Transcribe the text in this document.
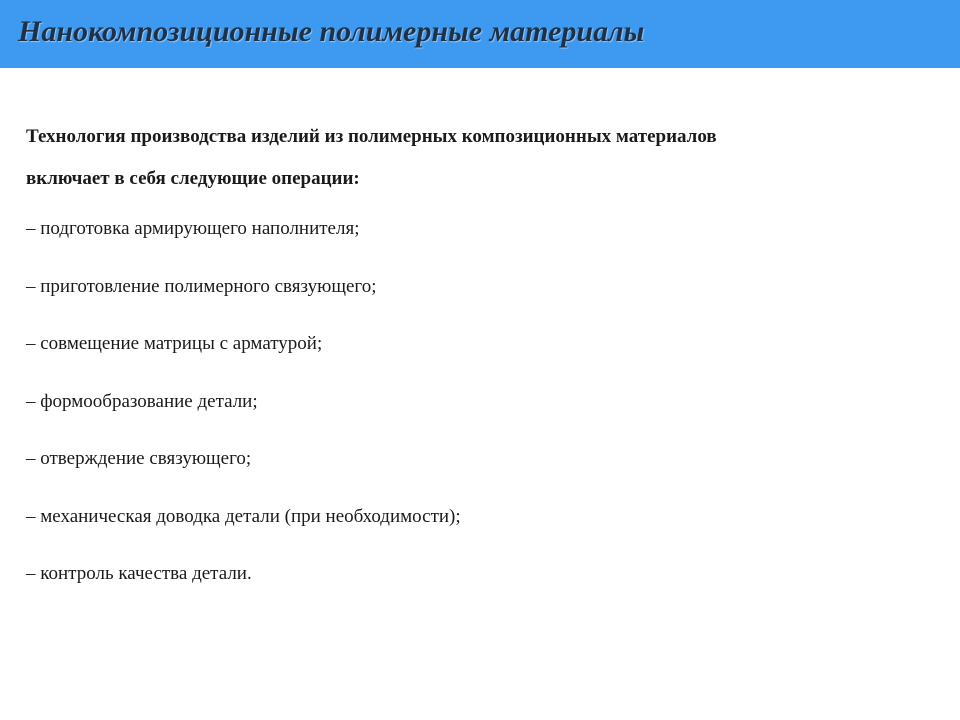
Нанокомпозиционные полимерные материалы

Технология производства изделий из полимерных композиционных материалов
включает в себя следующие операции:

– подготовка армирующего наполнителя;
– приготовление полимерного связующего;
– совмещение матрицы с арматурой;
– формообразование детали;
– отверждение связующего;
– механическая доводка детали (при необходимости);
– контроль качества детали.
